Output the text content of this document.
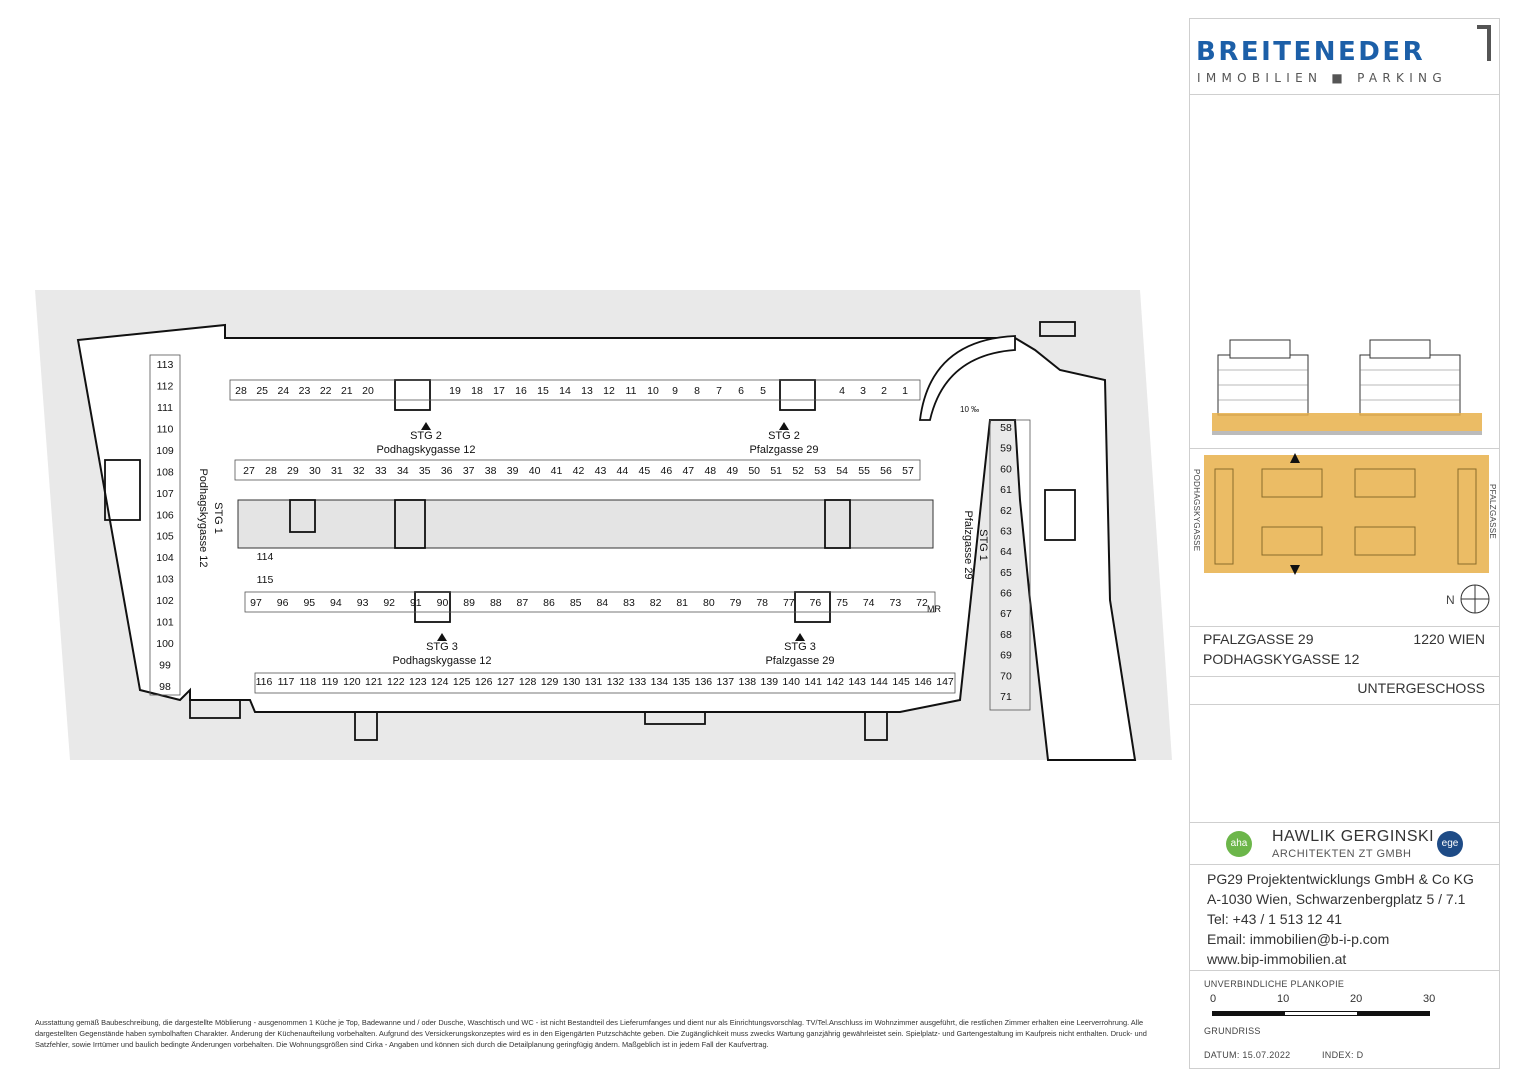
28 25 24 23 22 21 20	19 18 17 16 15 14 13 12 11 10 9 8 7 6 5	4 3 2 1
27 28 29 30 31 32 33 34 35 36 37 38 39 40 41 42 43 44 45 46 47 48 49 50 51 52 53 54 55 56 57
113
112
111
110
109
108
107
106
105
104
103
102
101
100
99
98
114
115
97 96 95 94 93 92 91 90 89 88 87 86 85 84 83 82 81 80 79 78 77 76 75 74 73 72
116 117 118 119 120 121 122 123 124 125 126 127 128 129 130 131 132 133 134 135 136 137 138 139 140 141 142 143 144 145 146 147
58
59
60
61
62
63
64
65
66
67
68
69
70
71
STG 2
Podhagskygasse 12
STG 2
Pfalzgasse 29
STG 3
Podhagskygasse 12
STG 3
Pfalzgasse 29
STG 1
Podhagskygasse 12	STG 1
Pfalzgasse 29
MR
10 ‰
Ausstattung gemäß Baubeschreibung, die dargestellte Möblierung - ausgenommen 1 Küche je Top, Badewanne und / oder Dusche, Waschtisch und WC - ist nicht Bestandteil des Lieferumfanges und dient nur als Einrichtungsvorschlag. TV/Tel.Anschluss im Wohnzimmer ausgeführt, die restlichen Zimmer erhalten eine Leerverrohrung. Alle dargestellten Gegenstände haben symbolhaften Charakter. Änderung der Küchenaufteilung vorbehalten. Aufgrund des Versickerungskonzeptes wird es in den Eigengärten Putzschächte geben. Die Zugänglichkeit muss zwecks Wartung ganzjährig gewährleistet sein. Spielplatz- und Gartengestaltung im Kaufpreis nicht enthalten. Druck- und Satzfehler, sowie Irrtümer und baulich bedingte Änderungen vorbehalten. Die Wohnungsgrößen sind Cirka - Angaben und können sich durch die Detailplanung geringfügig ändern. Maßgeblich ist in jedem Fall der Kaufvertrag.
BREITENEDER
IMMOBILIEN ■ PARKING
PODHAGSKYGASSE	PFALZGASSE
N
PFALZGASSE 29
PODHAGSKYGASSE 12
1220 WIEN
UNTERGESCHOSS
aha HAWLIK GERGINSKI
ARCHITEKTEN ZT GMBH
ege
PG29 Projektentwicklungs GmbH & Co KG
A-1030 Wien, Schwarzenbergplatz 5 / 7.1
Tel: +43 / 1 513 12 41
Email: immobilien@b-i-p.com
www.bip-immobilien.at
UNVERBINDLICHE PLANKOPIE
0	10	20	30
GRUNDRISS
DATUM: 15.07.2022	INDEX: D
